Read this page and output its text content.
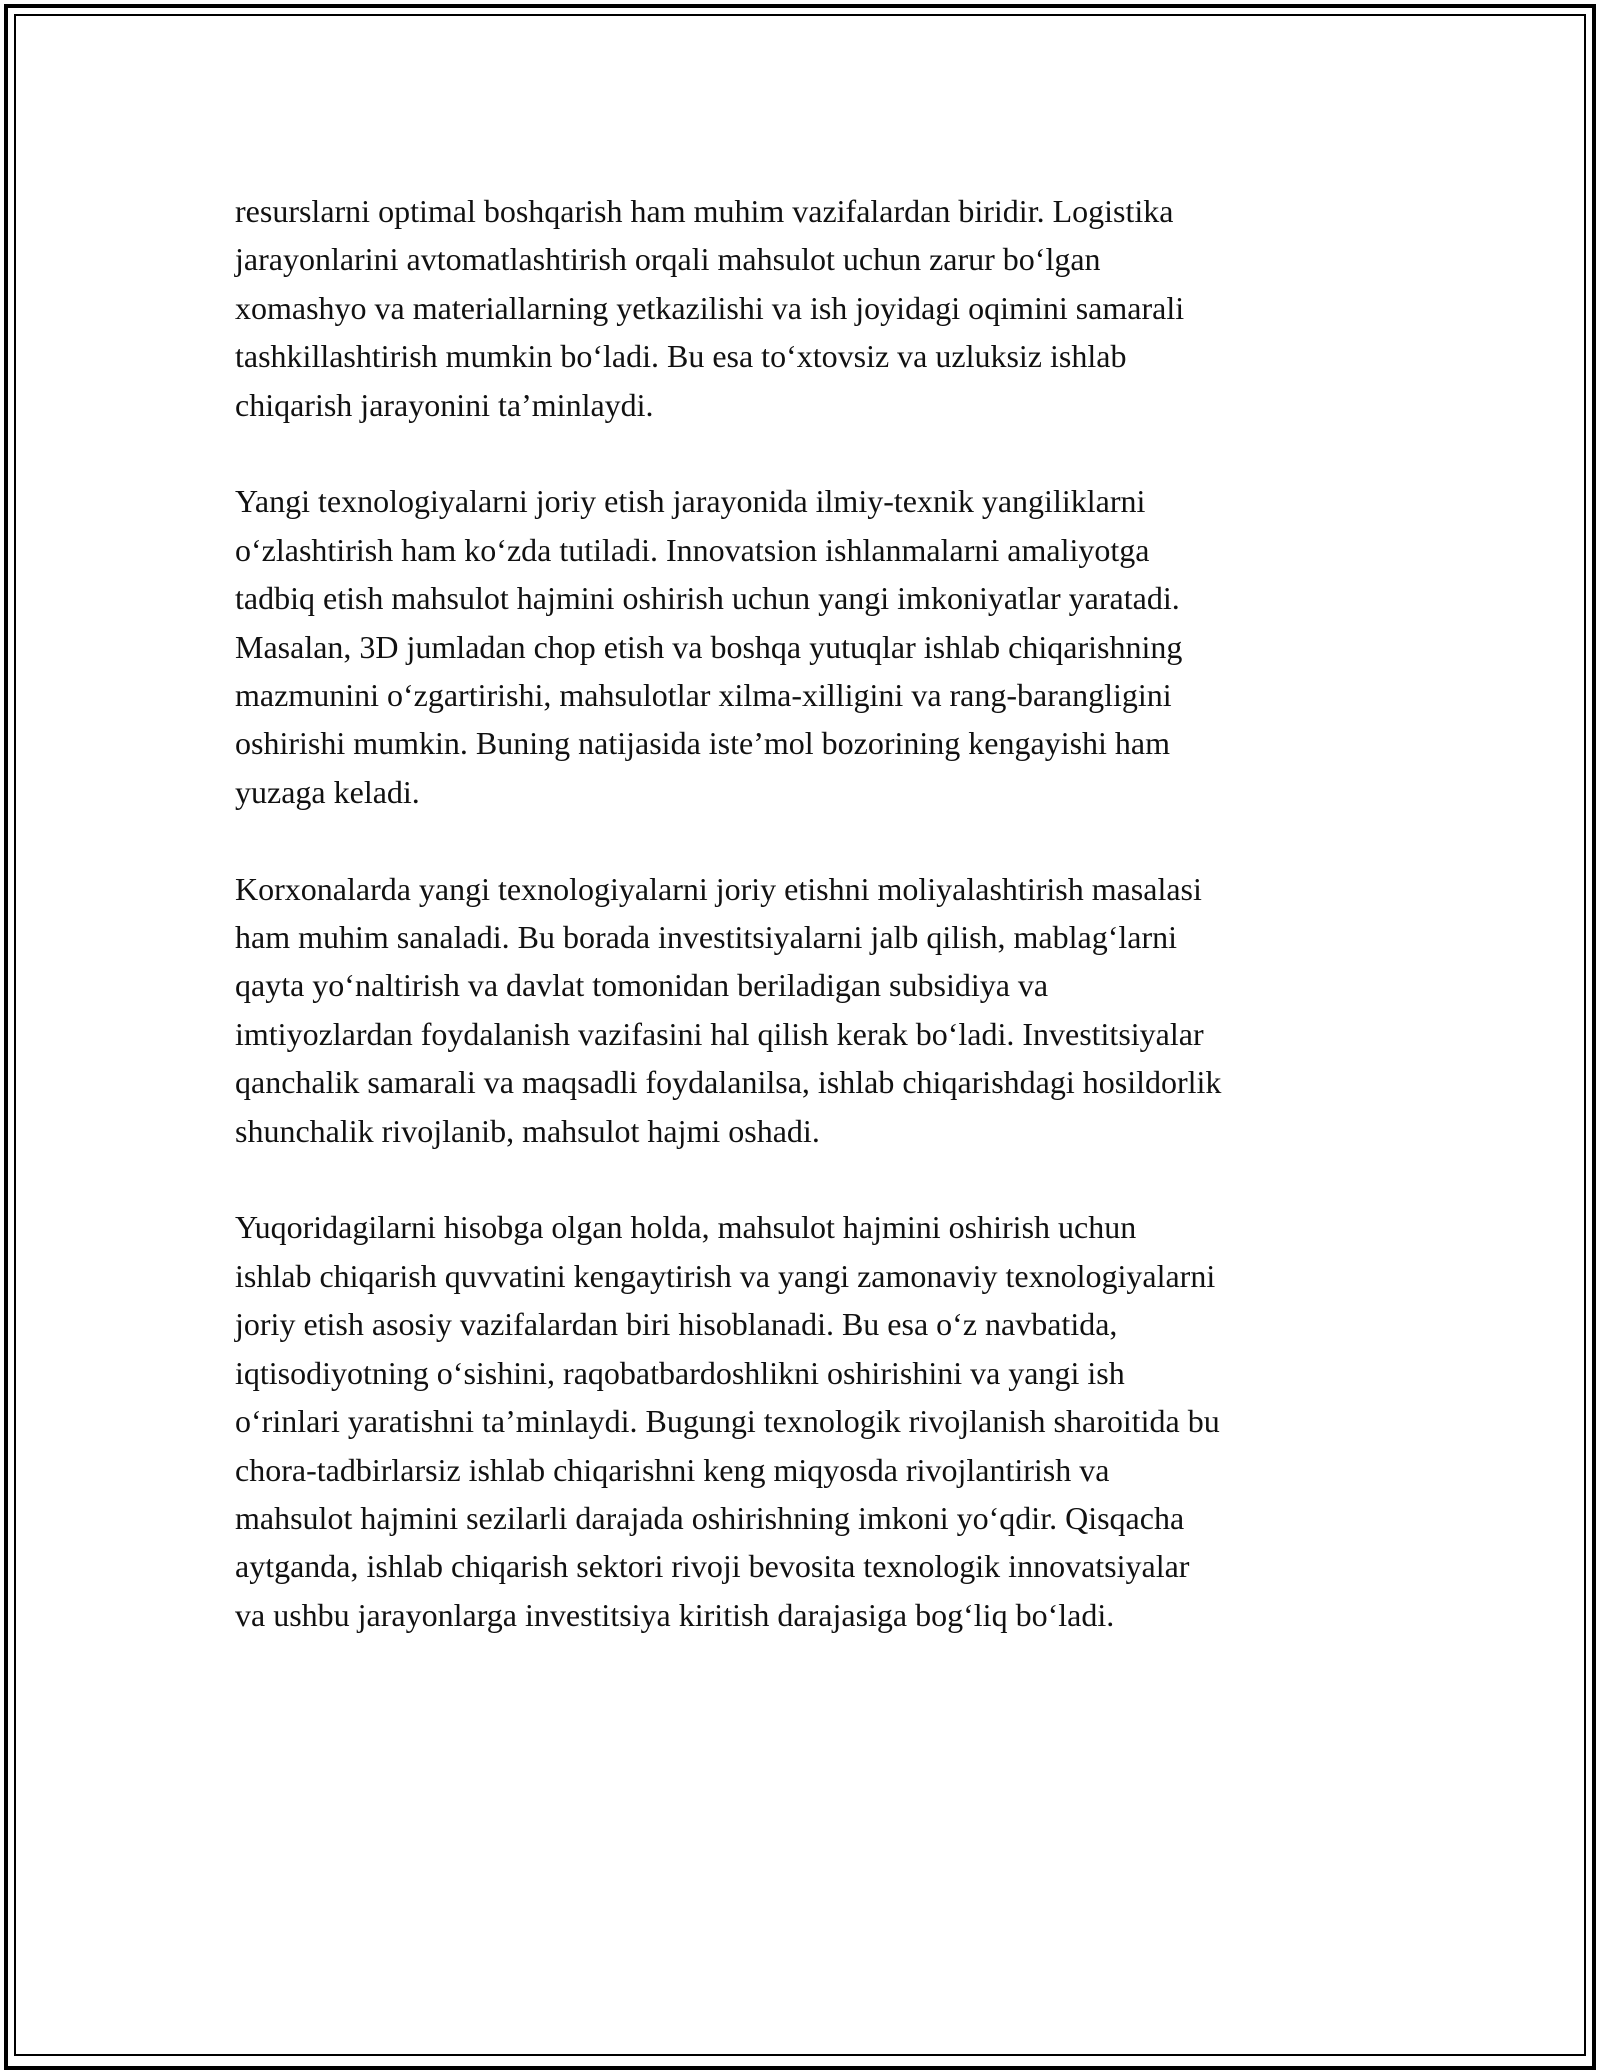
resurslarni optimal boshqarish ham muhim vazifalardan biridir. Logistika
jarayonlarini avtomatlashtirish orqali mahsulot uchun zarur bo‘lgan
xomashyo va materiallarning yetkazilishi va ish joyidagi oqimini samarali
tashkillashtirish mumkin bo‘ladi. Bu esa to‘xtovsiz va uzluksiz ishlab
chiqarish jarayonini ta’minlaydi.

Yangi texnologiyalarni joriy etish jarayonida ilmiy-texnik yangiliklarni
o‘zlashtirish ham ko‘zda tutiladi. Innovatsion ishlanmalarni amaliyotga
tadbiq etish mahsulot hajmini oshirish uchun yangi imkoniyatlar yaratadi.
Masalan, 3D jumladan chop etish va boshqa yutuqlar ishlab chiqarishning
mazmunini o‘zgartirishi, mahsulotlar xilma-xilligini va rang-barangligini
oshirishi mumkin. Buning natijasida iste’mol bozorining kengayishi ham
yuzaga keladi.

Korxonalarda yangi texnologiyalarni joriy etishni moliyalashtirish masalasi
ham muhim sanaladi. Bu borada investitsiyalarni jalb qilish, mablag‘larni
qayta yo‘naltirish va davlat tomonidan beriladigan subsidiya va
imtiyozlardan foydalanish vazifasini hal qilish kerak bo‘ladi. Investitsiyalar
qanchalik samarali va maqsadli foydalanilsa, ishlab chiqarishdagi hosildorlik
shunchalik rivojlanib, mahsulot hajmi oshadi.

Yuqoridagilarni hisobga olgan holda, mahsulot hajmini oshirish uchun
ishlab chiqarish quvvatini kengaytirish va yangi zamonaviy texnologiyalarni
joriy etish asosiy vazifalardan biri hisoblanadi. Bu esa o‘z navbatida,
iqtisodiyotning o‘sishini, raqobatbardoshlikni oshirishini va yangi ish
o‘rinlari yaratishni ta’minlaydi. Bugungi texnologik rivojlanish sharoitida bu
chora-tadbirlarsiz ishlab chiqarishni keng miqyosda rivojlantirish va
mahsulot hajmini sezilarli darajada oshirishning imkoni yo‘qdir. Qisqacha
aytganda, ishlab chiqarish sektori rivoji bevosita texnologik innovatsiyalar
va ushbu jarayonlarga investitsiya kiritish darajasiga bog‘liq bo‘ladi.
